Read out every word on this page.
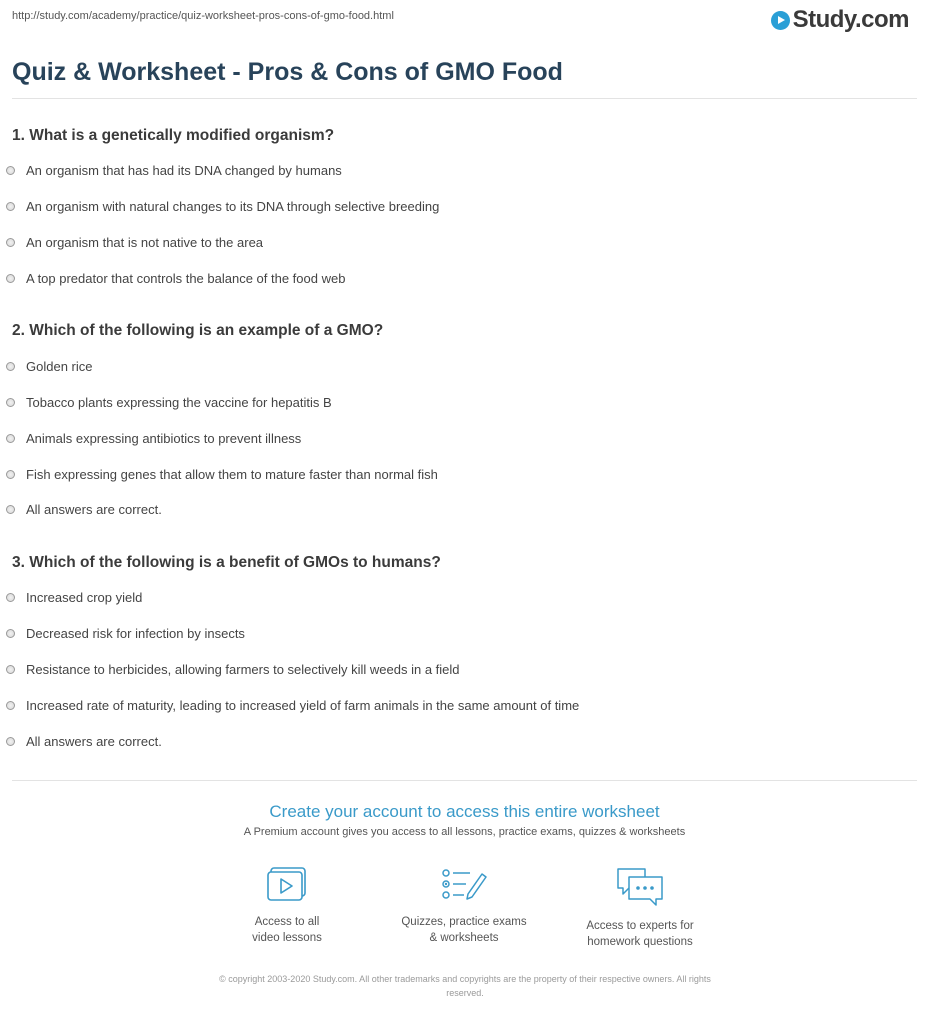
http://study.com/academy/practice/quiz-worksheet-pros-cons-of-gmo-food.html	Study.com
Quiz & Worksheet - Pros & Cons of GMO Food
1. What is a genetically modified organism?
An organism that has had its DNA changed by humans
An organism with natural changes to its DNA through selective breeding
An organism that is not native to the area
A top predator that controls the balance of the food web
2. Which of the following is an example of a GMO?
Golden rice
Tobacco plants expressing the vaccine for hepatitis B
Animals expressing antibiotics to prevent illness
Fish expressing genes that allow them to mature faster than normal fish
All answers are correct.
3. Which of the following is a benefit of GMOs to humans?
Increased crop yield
Decreased risk for infection by insects
Resistance to herbicides, allowing farmers to selectively kill weeds in a field
Increased rate of maturity, leading to increased yield of farm animals in the same amount of time
All answers are correct.
Create your account to access this entire worksheet
A Premium account gives you access to all lessons, practice exams, quizzes & worksheets
Access to all
video lessons
Quizzes, practice exams
& worksheets
Access to experts for
homework questions
© copyright 2003-2020 Study.com. All other trademarks and copyrights are the property of their respective owners. All rights
reserved.
